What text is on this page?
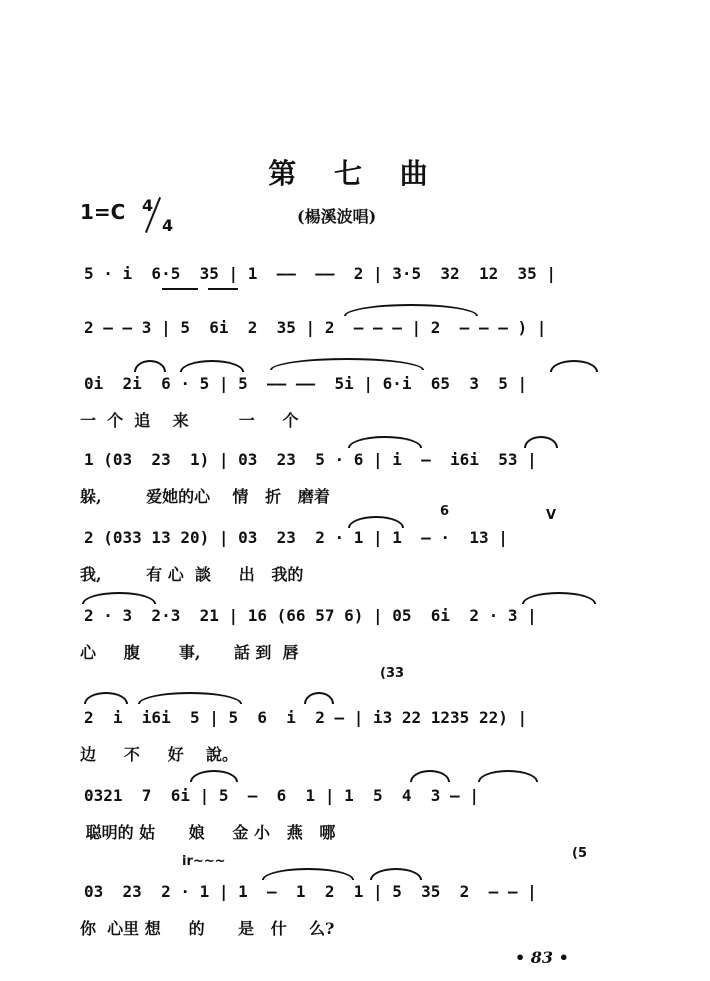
第 七 曲
1=C 4
4	(楊溪波唱)
5 · i  6·5  35 | 1  ——  ——  2 | 3·5  32  12  35 |
2 — — 3 | 5  6i  2  35 | 2  — — — | 2  — — — ) |
0i  2i  6 · 5 | 5  —— ——  5i | 6·i  65  3  5 |
一  个  追    来         一     个
1 (03  23  1) | 03  23  5 · 6 | i  —  i6i  53 |
躲,        爱她的心    情   折   磨着
6	V
2 (033 13 20) | 03  23  2 · 1 | 1  — ·  13 |
我,        有 心  談     出   我的
2 · 3  2·3  21 | 16 (66 57 6) | 05  6i  2 · 3 |
心     腹       事,      話 到  唇
(33
2  i  i6i  5 | 5  6  i  2 — | i3 22 1235 22) |
边     不     好    說。
0321  7  6i | 5  —  6  1 | 1  5  4  3 — |
聪明的 姑      娘     金 小   燕   哪
ir~~~
(5
03  23  2 · 1 | 1  —  1  2  1 | 5  35  2  — — |
你  心里 想     的      是   什    么?
• 83 •
